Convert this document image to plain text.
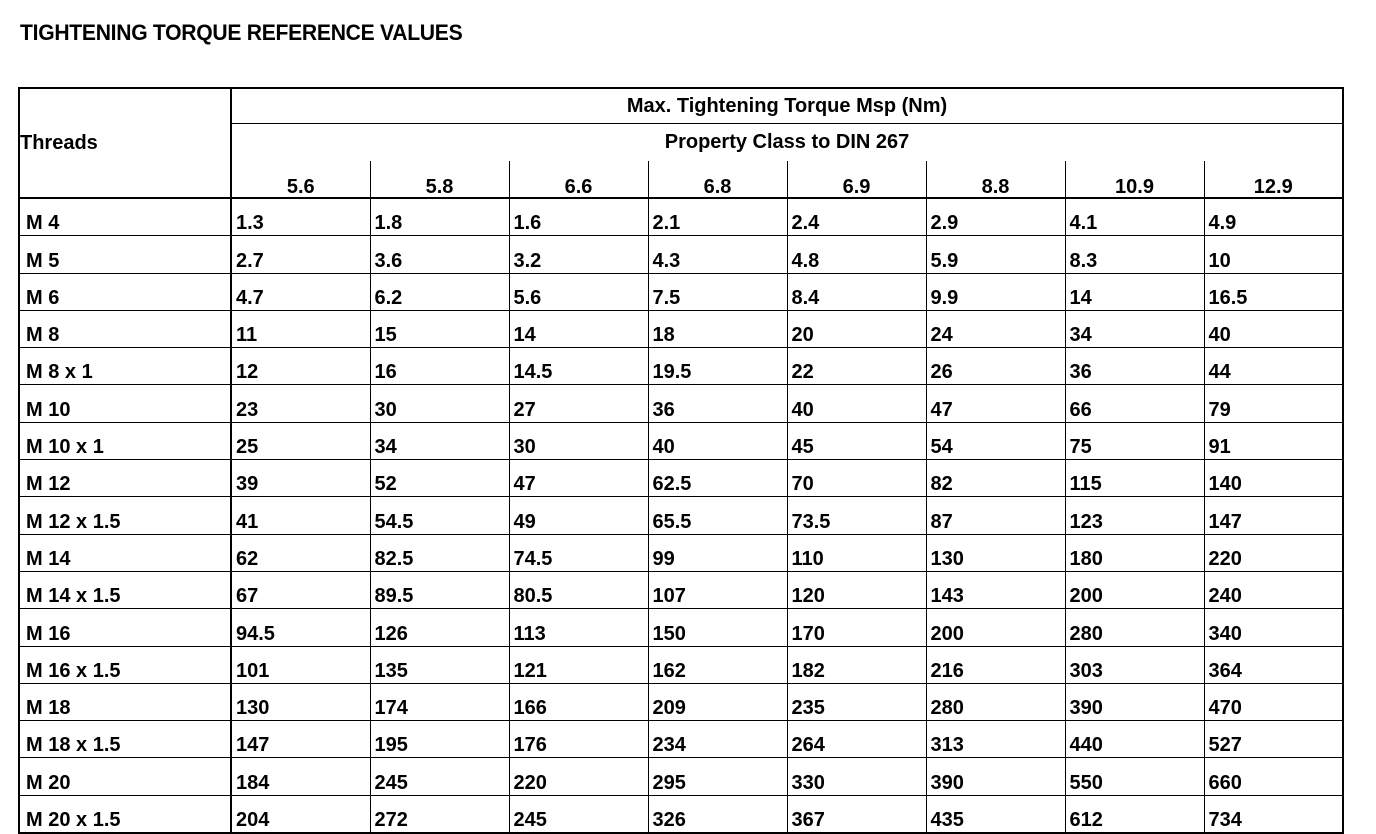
TIGHTENING TORQUE REFERENCE VALUES
Threads	Max. Tightening Torque Msp (Nm)							
	Property Class to DIN 267							
	5.6	5.8	6.6	6.8	6.9	8.8	10.9	12.9
M 4	1.3	1.8	1.6	2.1	2.4	2.9	4.1	4.9
M 5	2.7	3.6	3.2	4.3	4.8	5.9	8.3	10
M 6	4.7	6.2	5.6	7.5	8.4	9.9	14	16.5
M 8	11	15	14	18	20	24	34	40
M 8 x 1	12	16	14.5	19.5	22	26	36	44
M 10	23	30	27	36	40	47	66	79
M 10 x 1	25	34	30	40	45	54	75	91
M 12	39	52	47	62.5	70	82	115	140
M 12 x 1.5	41	54.5	49	65.5	73.5	87	123	147
M 14	62	82.5	74.5	99	110	130	180	220
M 14 x 1.5	67	89.5	80.5	107	120	143	200	240
M 16	94.5	126	113	150	170	200	280	340
M 16 x 1.5	101	135	121	162	182	216	303	364
M 18	130	174	166	209	235	280	390	470
M 18 x 1.5	147	195	176	234	264	313	440	527
M 20	184	245	220	295	330	390	550	660
M 20 x 1.5	204	272	245	326	367	435	612	734
